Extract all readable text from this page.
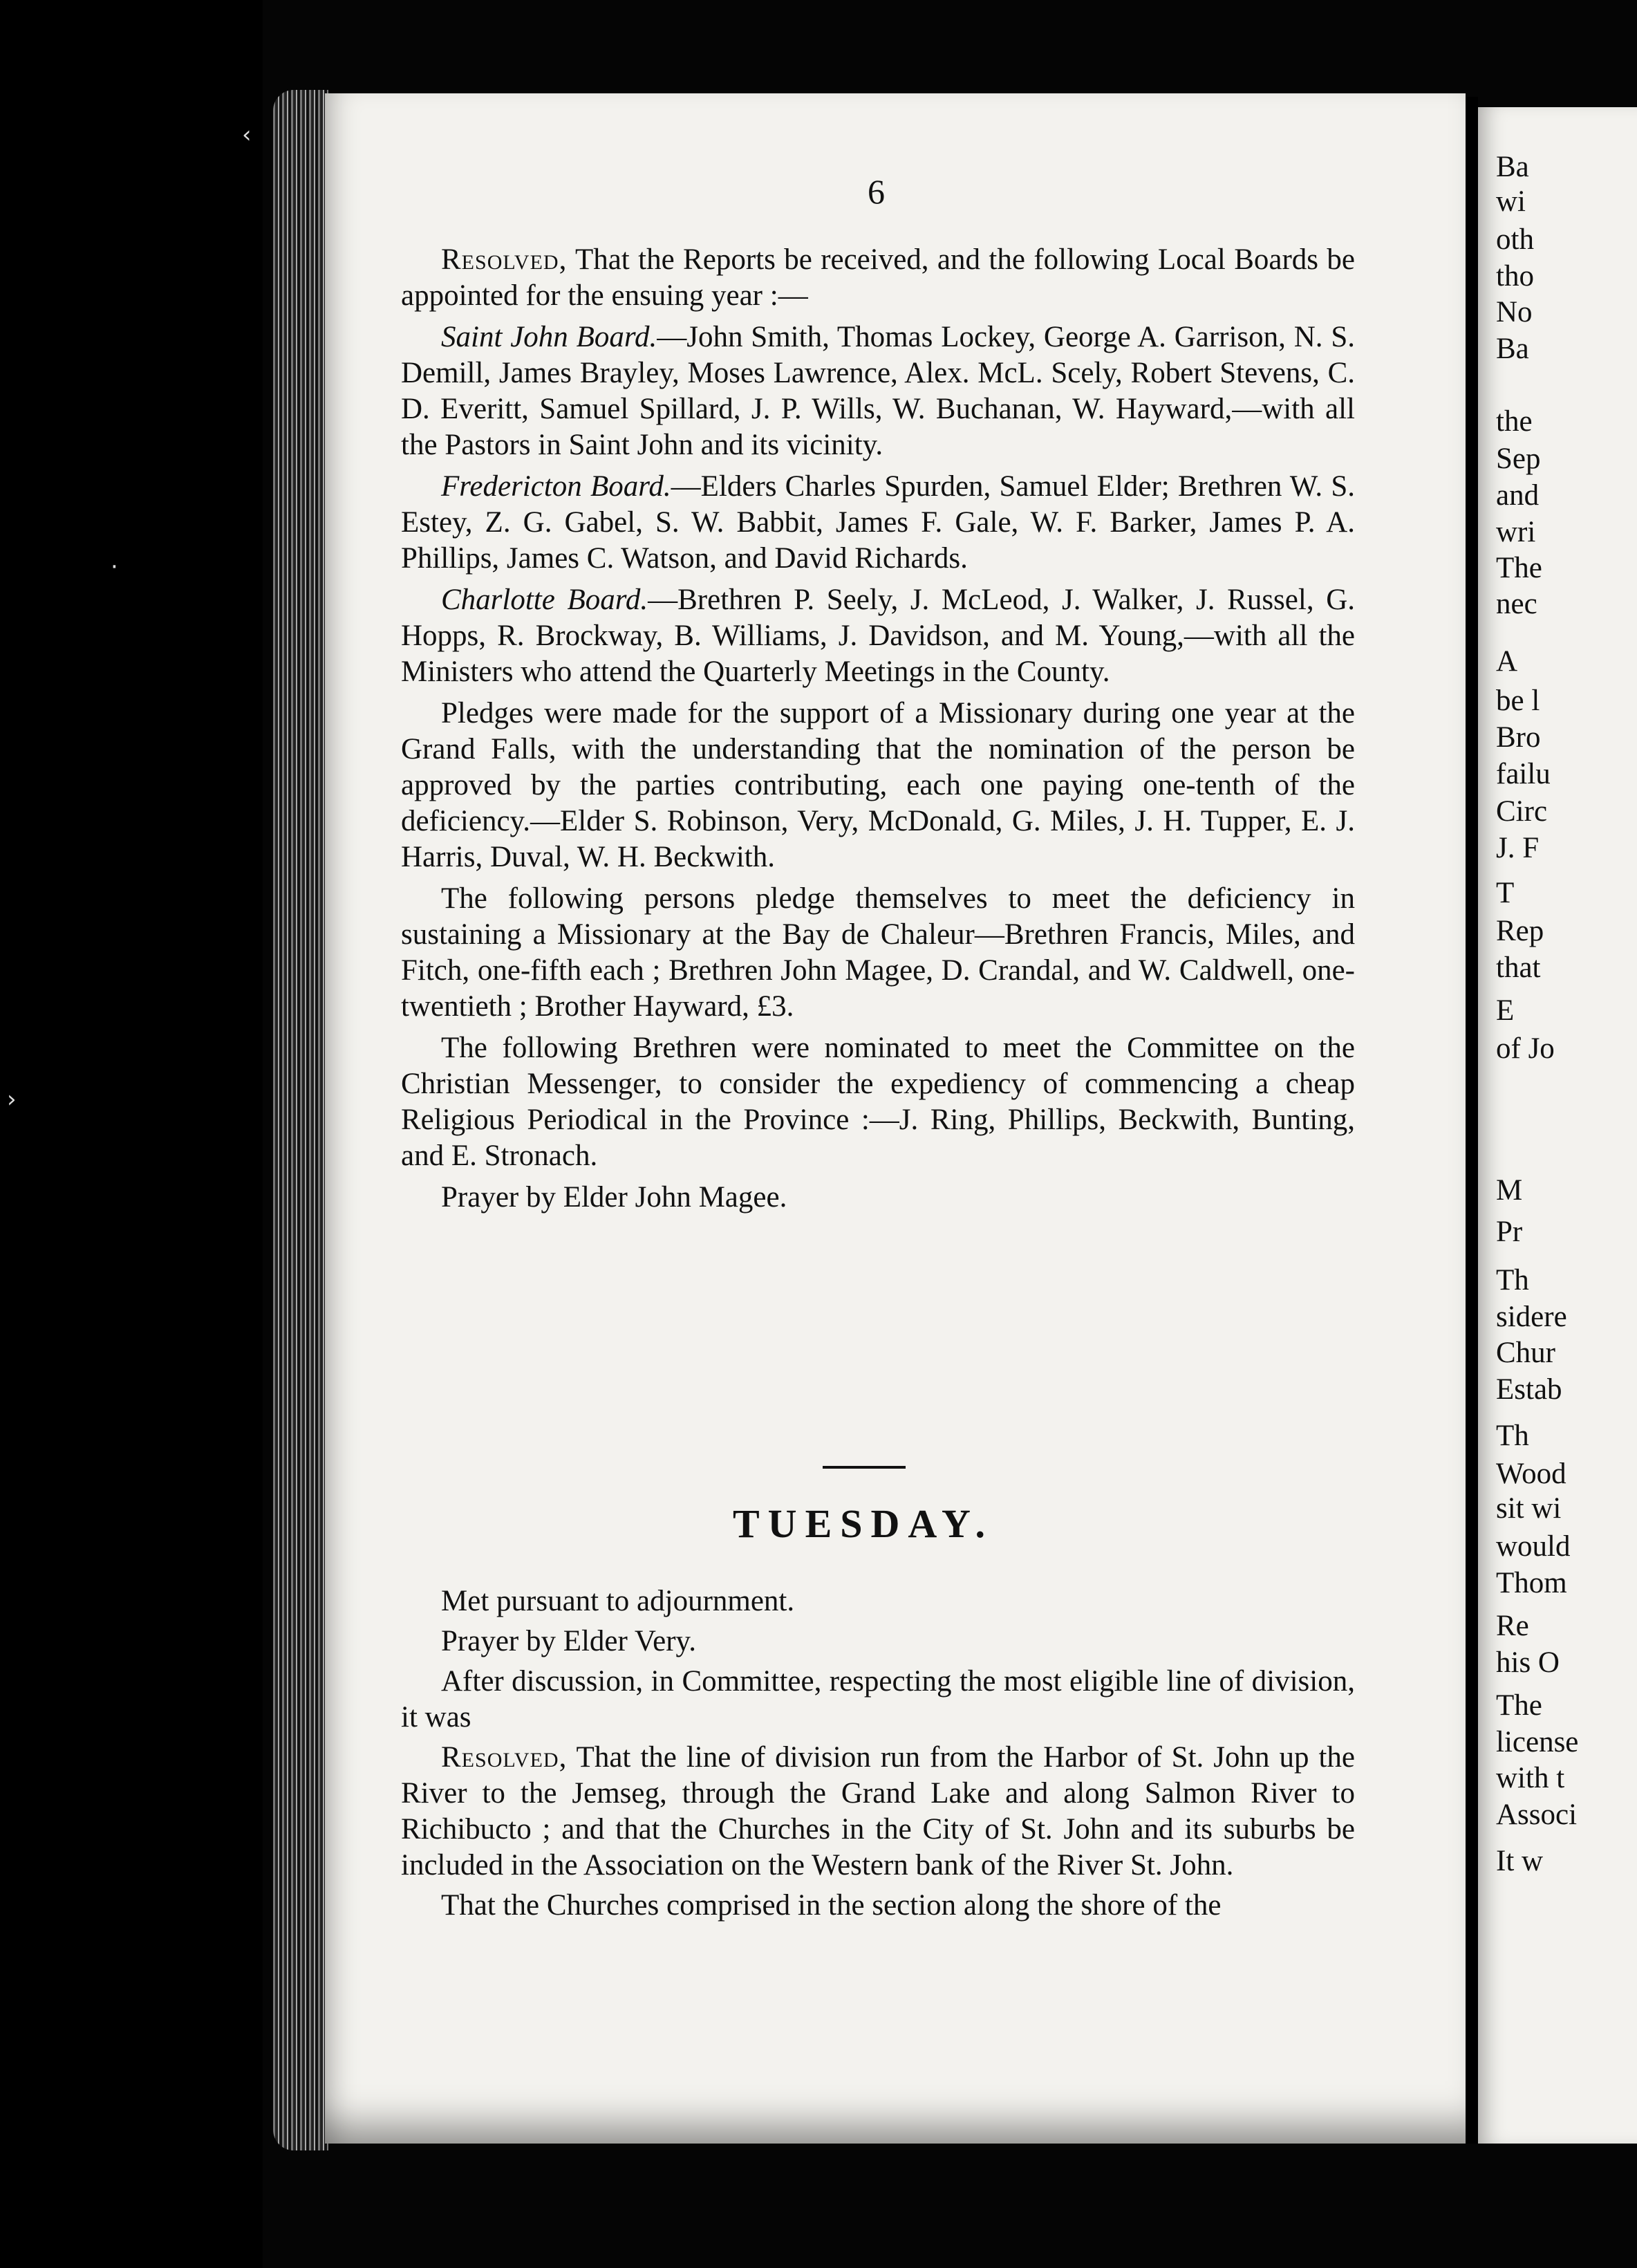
‹
·
›
Ba
wi
oth
tho
No
Ba
the
Sep
and
wri
The
nec
A
be l
Bro
failu
Circ
J. F
T
Rep
that
E
of Jo
M
Pr
Th
sidere
Chur
Estab
Th
Wood
sit wi
would
Thom
Re
his O
The
license
with t
Associ
It w
6

Resolved, That the Reports be received, and the following Local Boards be appointed for the ensuing year :—

Saint John Board.—John Smith, Thomas Lockey, George A. Garrison, N. S. Demill, James Brayley, Moses Lawrence, Alex. McL. Scely, Robert Stevens, C. D. Everitt, Samuel Spillard, J. P. Wills, W. Buchanan, W. Hayward,—with all the Pastors in Saint John and its vicinity.

Fredericton Board.—Elders Charles Spurden, Samuel Elder; Brethren W. S. Estey, Z. G. Gabel, S. W. Babbit, James F. Gale, W. F. Barker, James P. A. Phillips, James C. Watson, and David Richards.

Charlotte Board.—Brethren P. Seely, J. McLeod, J. Walker, J. Russel, G. Hopps, R. Brockway, B. Williams, J. Davidson, and M. Young,—with all the Ministers who attend the Quarterly Meetings in the County.

Pledges were made for the support of a Missionary during one year at the Grand Falls, with the understanding that the nomination of the person be approved by the parties contributing, each one paying one-tenth of the deficiency.—Elder S. Robinson, Very, McDonald, G. Miles, J. H. Tupper, E. J. Harris, Duval, W. H. Beckwith.

The following persons pledge themselves to meet the deficiency in sustaining a Missionary at the Bay de Chaleur—Brethren Francis, Miles, and Fitch, one-fifth each ; Brethren John Magee, D. Crandal, and W. Caldwell, one-twentieth ; Brother Hayward, £3.

The following Brethren were nominated to meet the Committee on the Christian Messenger, to consider the expediency of commencing a cheap Religious Periodical in the Province :—J. Ring, Phillips, Beckwith, Bunting, and E. Stronach.

Prayer by Elder John Magee.

TUESDAY.

Met pursuant to adjournment.

Prayer by Elder Very.

After discussion, in Committee, respecting the most eligible line of division, it was

Resolved, That the line of division run from the Harbor of St. John up the River to the Jemseg, through the Grand Lake and along Salmon River to Richibucto ; and that the Churches in the City of St. John and its suburbs be included in the Association on the Western bank of the River St. John.

That the Churches comprised in the section along the shore of the
